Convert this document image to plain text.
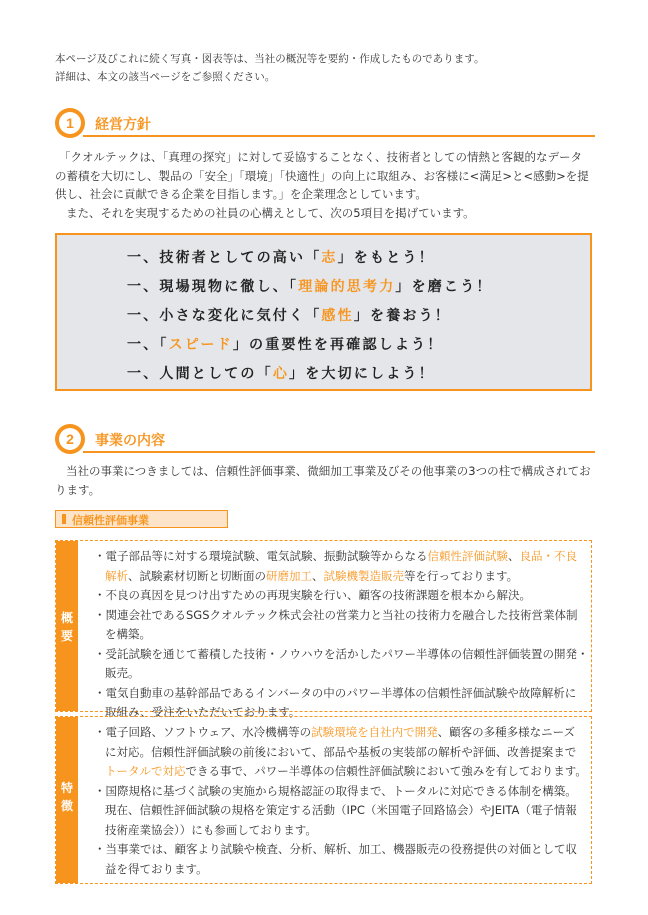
本ページ及びこれに続く写真・図表等は、当社の概況等を要約・作成したものであります。
詳細は、本文の該当ページをご参照ください。
1	経営方針
「クオルテックは、「真理の探究」に対して妥協することなく、技術者としての情熱と客観的なデータ
の蓄積を大切にし、製品の「安全」「環境」「快適性」の向上に取組み、お客様に<満足>と<感動>を提
供し、社会に貢献できる企業を目指します。」を企業理念としています。
また、それを実現するための社員の心構えとして、次の5項目を掲げています。
一、技術者としての高い「志」をもとう！
一、現場現物に徹し、「理論的思考力」を磨こう！
一、小さな変化に気付く「感性」を養おう！
一、「スピード」の重要性を再確認しよう！
一、人間としての「心」を大切にしよう！
2	事業の内容
当社の事業につきましては、信頼性評価事業、微細加工事業及びその他事業の3つの柱で構成されてお
ります。
信頼性評価事業
概
要
・電子部品等に対する環境試験、電気試験、振動試験等からなる信頼性評価試験、良品・不良
解析、試験素材切断と切断面の研磨加工、試験機製造販売等を行っております。
・不良の真因を見つけ出すための再現実験を行い、顧客の技術課題を根本から解決。
・関連会社であるSGSクオルテック株式会社の営業力と当社の技術力を融合した技術営業体制
を構築。
・受託試験を通じて蓄積した技術・ノウハウを活かしたパワー半導体の信頼性評価装置の開発・
販売。
・電気自動車の基幹部品であるインバータの中のパワー半導体の信頼性評価試験や故障解析に
取組み、受注をいただいております。
特
徴
・電子回路、ソフトウェア、水冷機構等の試験環境を自社内で開発、顧客の多種多様なニーズ
に対応。信頼性評価試験の前後において、部品や基板の実装部の解析や評価、改善提案まで
トータルで対応できる事で、パワー半導体の信頼性評価試験において強みを有しております。
・国際規格に基づく試験の実施から規格認証の取得まで、トータルに対応できる体制を構築。
現在、信頼性評価試験の規格を策定する活動（IPC（米国電子回路協会）やJEITA（電子情報
技術産業協会））にも参画しております。
・当事業では、顧客より試験や検査、分析、解析、加工、機器販売の役務提供の対価として収
益を得ております。
